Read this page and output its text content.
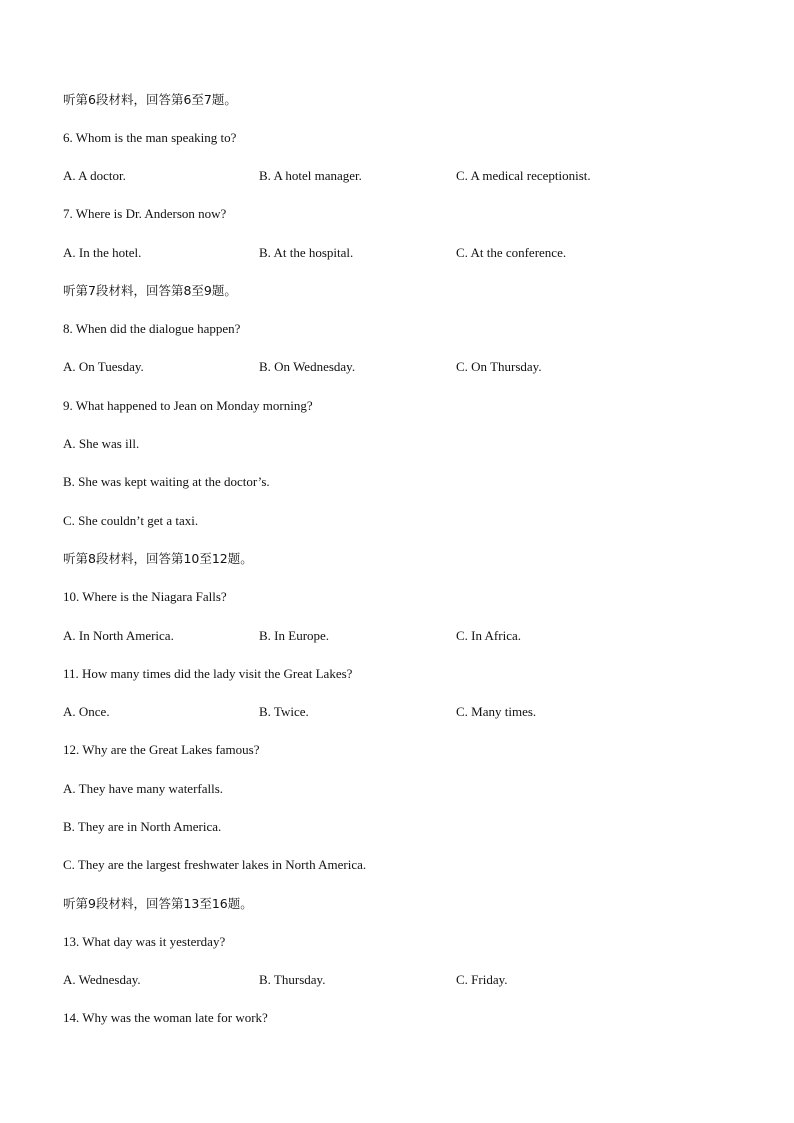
听第6段材料，回答第6至7题。
6. Whom is the man speaking to?
A. A doctor.	B. A hotel manager.	C. A medical receptionist.
7. Where is Dr. Anderson now?
A. In the hotel.	B. At the hospital.	C. At the conference.
听第7段材料，回答第8至9题。
8. When did the dialogue happen?
A. On Tuesday.	B. On Wednesday.	C. On Thursday.
9. What happened to Jean on Monday morning?
A. She was ill.
B. She was kept waiting at the doctor’s.
C. She couldn’t get a taxi.
听第8段材料，回答第10至12题。
10. Where is the Niagara Falls?
A. In North America.	B. In Europe.	C. In Africa.
11. How many times did the lady visit the Great Lakes?
A. Once.	B. Twice.	C. Many times.
12. Why are the Great Lakes famous?
A. They have many waterfalls.
B. They are in North America.
C. They are the largest freshwater lakes in North America.
听第9段材料，回答第13至16题。
13. What day was it yesterday?
A. Wednesday.	B. Thursday.	C. Friday.
14. Why was the woman late for work?
